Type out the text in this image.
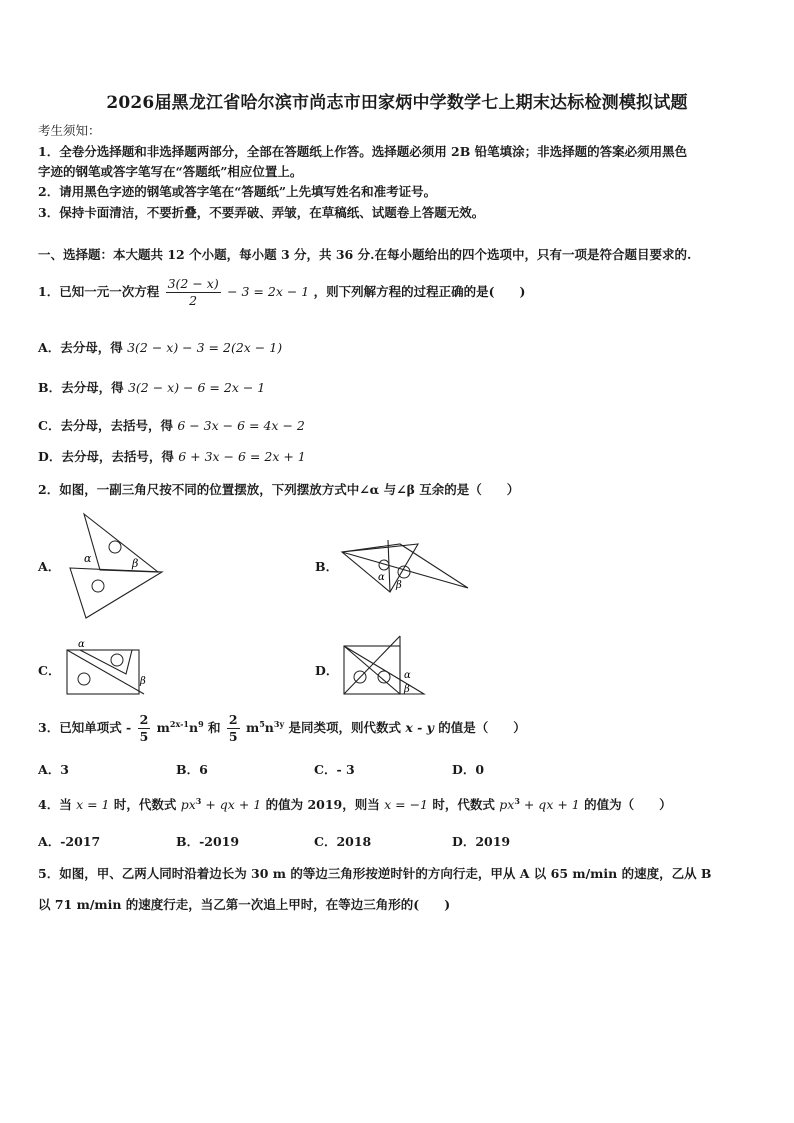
2026届黑龙江省哈尔滨市尚志市田家炳中学数学七上期末达标检测模拟试题
考生须知：
1．全卷分选择题和非选择题两部分，全部在答题纸上作答。选择题必须用 2B 铅笔填涂；非选择题的答案必须用黑色
字迹的钢笔或答字笔写在“答题纸”相应位置上。
2．请用黑色字迹的钢笔或答字笔在“答题纸”上先填写姓名和准考证号。
3．保持卡面清洁，不要折叠，不要弄破、弄皱，在草稿纸、试题卷上答题无效。
一、选择题：本大题共 12 个小题，每小题 3 分，共 36 分.在每小题给出的四个选项中，只有一项是符合题目要求的.
1．已知一元一次方程 $\frac{3(2 - x)}{2} - 3 = 2x - 1$ ，则下列解方程的过程正确的是(　　)
A．去分母，得 3(2 − x) − 3 = 2(2x − 1)
B．去分母，得 3(2 − x) − 6 = 2x − 1
C．去分母，去括号，得 6 − 3x − 6 = 4x − 2
D．去分母，去括号，得 6 + 3x − 6 = 2x + 1
2．如图，一副三角尺按不同的位置摆放，下列摆放方式中∠α 与∠β 互余的是（　　）
A．
α	β	B．
α
β
C．
α
β
D．	α
β
3．已知单项式 - $\frac{2}{5} m^{2x-1}n^9$ 和 $\frac{2}{5} m^5n^{3y}$ 是同类项，则代数式 x - y 的值是（　　）
A．3	B．6	C．- 3	D．0
4．当 x = 1 时，代数式 $px^3$ + qx + 1 的值为 2019，则当 x = −1 时，代数式 $px^3$ + qx + 1 的值为（　　）
A．-2017	B．-2019	C．2018	D．2019
5．如图，甲、乙两人同时沿着边长为 30 m 的等边三角形按逆时针的方向行走，甲从 A 以 65 m/min 的速度，乙从 B
以 71 m/min 的速度行走，当乙第一次追上甲时，在等边三角形的(　　)
